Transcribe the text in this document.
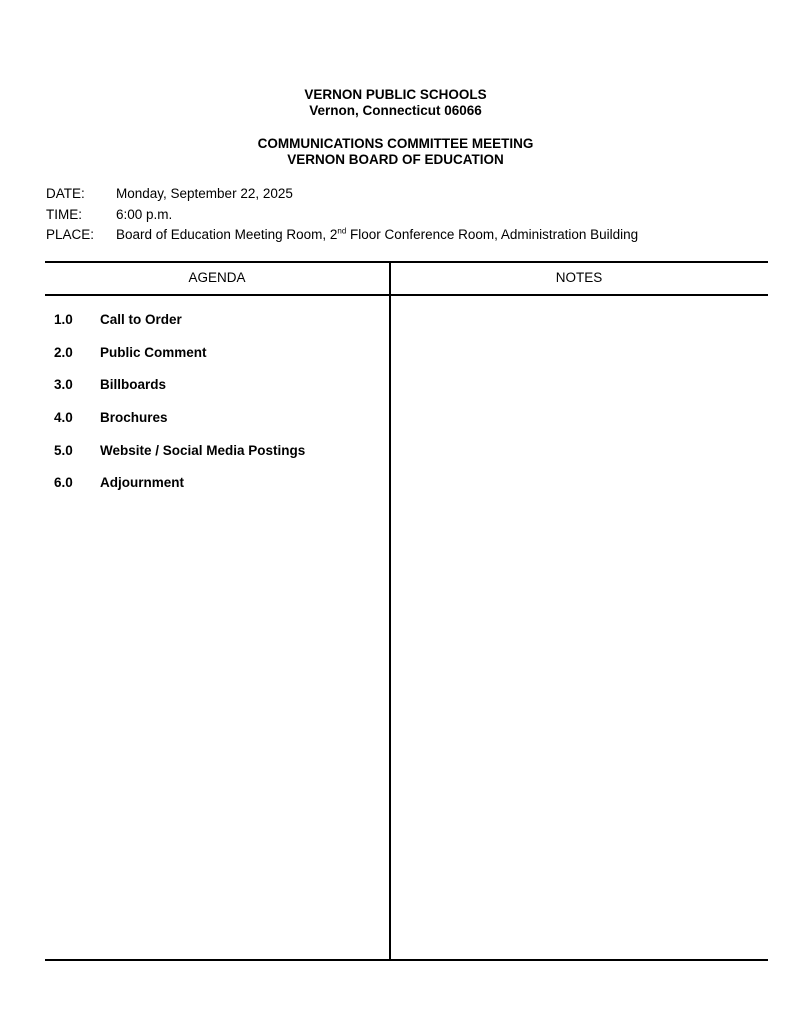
VERNON PUBLIC SCHOOLS
Vernon, Connecticut 06066
COMMUNICATIONS COMMITTEE MEETING
VERNON BOARD OF EDUCATION
DATE:	Monday, September 22, 2025
TIME:	6:00 p.m.
PLACE:	Board of Education Meeting Room, 2nd Floor Conference Room, Administration Building
AGENDA	NOTES
1.0	Call to Order
2.0	Public Comment
3.0	Billboards
4.0	Brochures
5.0	Website / Social Media Postings
6.0	Adjournment
